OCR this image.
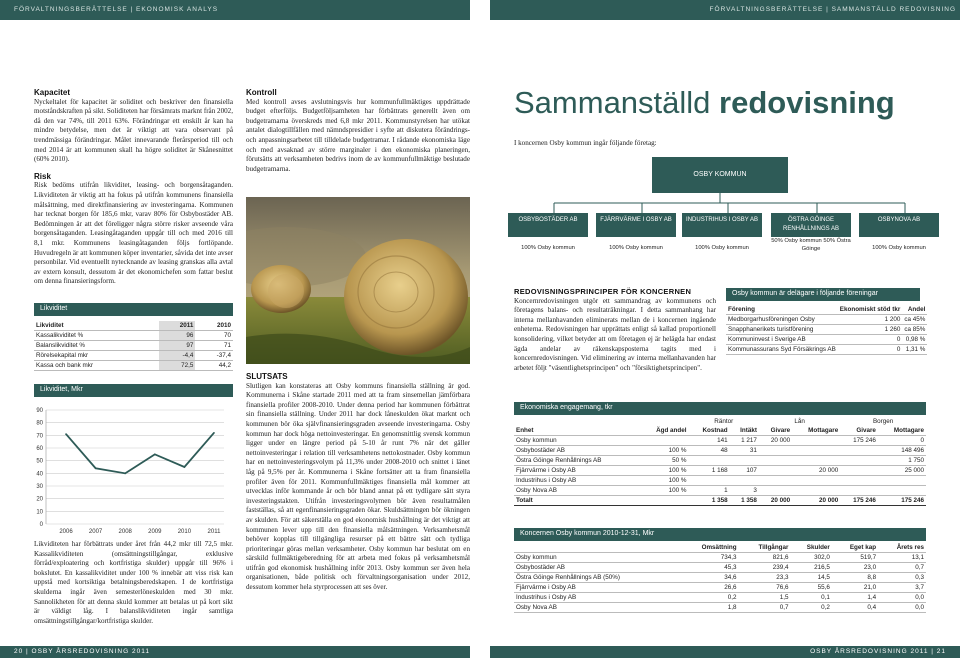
FÖRVALTNINGSBERÄTTELSE | EKONOMISK ANALYS	FÖRVALTNINGSBERÄTTELSE | SAMMANSTÄLLD REDOVISNING
Kapacitet

Nyckeltalet för kapacitet är soliditet och beskriver den finansiella motståndskraften på sikt. Soliditeten har försämrats marknt från 2002, då den var 74%, till 2011 63%. Förändringar ett enskilt år kan ha mindre betydelse, men det är viktigt att vara observant på trendmässiga förändringar. Målet innevarande flerårsperiod till och med 2014 är att kommunen skall ha högre soliditet är Skånesnittet (60% 2010).

Risk

Risk bedöms utifrån likviditet, leasing- och borgensåtaganden. Likviditeten är viktig att ha fokus på utifrån kommunens finansiella målsättning, med direktfinansiering av investeringarna. Kommunen har tecknat borgen för 185,6 mkr, varav 80% för Osbybostäder AB. Bedömningen är att det föreligger några större risker avseende våra borgensåtaganden. Leasingåtaganden uppgår till och med 2016 till 8,1 mkr. Kommunens leasingåtaganden följs fortlöpande. Huvudregeln är att kommunen köper inventarier, såvida det inte avser personbilar. Vid eventuellt nytecknande av leasing granskas alla avtal av extern konsult, dessutom är det ekonomichefen som fattar beslut om denna finansieringsform.

Likviditet
Likviditet	2011	2010
Kassalikviditet %	96	70
Balanslikviditet %	97	71
Rörelsekapital mkr	-4,4	-37,4
Kassa och bank mkr	72,5	44,2
Likviditet, Mkr
0
10
20
30
40
50
60
70
80
90
2006	2007	2008	2009	2010	2011
Likviditeten har förbättrats under året från 44,2 mkr till 72,5 mkr. Kassalikviditeten (omsättningstillgångar, exklusive förråd/exploatering och kortfristiga skulder) uppgår till 96% i bokslutet. En kassalikviditet under 100 % innebär att viss risk kan uppstå med kortsiktiga betalningsberedskapen. I de kortfristiga skulderna ingår även semesterlöneskulden med 30 mkr. Sannolikheten för att denna skuld kommer att betalas ut på kort sikt är väldigt låg. I balanslikviditeten ingår samtliga omsättningstillgångar/kortfristiga skulder.
Kontroll

Med kontroll avses avslutningsvis hur kommunfullmäktiges uppdrättade budget efterföljs. Budgetföljsamheten har förbättrats generellt även om budgetramarna överskreds med 6,8 mkr 2011. Kommunstyrelsen har utökat antalet dialogtillfällen med nämndspresidier i syfte att diskutera förändrings- och anpassningsarbetet till tilldelade budgetramar. I rådande ekonomiska läge och med avsaknad av större marginaler i den ekonomiska planeringen, förutsätts att verksamheten bedrivs inom de av kommunfullmäktige beslutade budgetramarna.

SLUTSATS

Slutligen kan konstateras att Osby kommuns finansiella ställning är god. Kommunerna i Skåne startade 2011 med att ta fram sinsemellan jämförbara finansiella profiler 2008-2010. Under denna period har kommunen förbättrat sin finansiella ställning. Under 2011 har dock låneskulden ökat marknt och kommunen bör öka självfinansieringsgraden avseende investeringarna. Osby kommun har dock höga nettoinvesteringar. En genomsnittlig svensk kommun ligger under en längre period på 5-10 år runt 7% när det gäller nettoinvesteringar i relation till verksamhetens nettokostnader. Osby kommun har en nettoinvesteringsvolym på 11,3% under 2008-2010 och snittet i länet låg på 9,5% per år. Kommunerna i Skåne fortsätter att ta fram finansiella profiler även för 2011. Kommunfullmäktiges finansiella mål kommer att utvecklas inför kommande år och bör bland annat på ett tydligare sätt styra investeringstakten. Utifrån investeringsvolymen bör även resultatmålen fastställas, så att egenfinansieringsgraden ökar. Skuldsättningen bör ökningen av skulden. För att säkerställa en god ekonomisk hushållning är det viktigt att kommunen lever upp till den finansiella målsättningen. Verksamhetsmål behöver kopplas till tillgängliga resurser på ett bättre sätt och tydliga prioriteringar göras mellan verksamheter. Osby kommun har beslutat om en särskild fullmäktigeberedning för att arbeta med fokus på verksamhetsmål utifrån god ekonomisk hushållning inför 2013. Osby kommun ser även hela organisationen, både politisk och förvaltningsorganisation under 2012, dessutom kommer hela styrprocessen att ses över.

Sammanställd redovisning
I koncernen Osby kommun ingår följande företag:
OSBY KOMMUN
OSBYBOSTÄDER AB
100% Osby kommun
FJÄRRVÄRME I OSBY AB
100% Osby kommun
INDUSTRIHUS I OSBY AB
100% Osby kommun
ÖSTRA GÖINGE RENHÅLLNINGS AB
50% Osby kommun 50% Östra Göinge
OSBYNOVA AB
100% Osby kommun
REDOVISNINGSPRINCIPER FÖR KONCERNEN

Koncernredovisningen utgör ett sammandrag av kommunens och företagens balans- och resultaträkningar. I detta sammanhang har interna mellanhavanden eliminerats mellan de i koncernen ingående enheterna. Redovisningen har upprättats enligt så kallad proportionell konsolidering, vilket betyder att om företagen ej är helägda har endast ägda andelar av räkenskapsposterna tagits med i koncernredovisningen. Vid eliminering av interna mellanhavanden har arbetet följt "väsentlighetsprincipen" och "försiktighetsprincipen".

Osby kommun är delägare i följande föreningar
Förening	Ekonomiskt stöd tkr	Andel
Medborgarhusföreningen Osby	1 200	ca 45%
Snapphanerikets turistförening	1 260	ca 85%
Kommuninvest i Sverige AB	0	0,98 %
Kommunassurans Syd Försäkrings AB	0	1,31 %
Ekonomiska engagemang, tkr
		Räntor		Lån		Borgen	
Enhet	Ägd andel	Kostnad	Intäkt	Givare	Mottagare	Givare	Mottagare
Osby kommun		141	1 217	20 000		175 246	0
Osbybostäder AB	100 %	48	31				148 496
Östra Göinge Renhållnings AB	50 %						1 750
Fjärrvärme i Osby AB	100 %	1 168	107		20 000		25 000
Industrihus i Osby AB	100 %						
Osby Nova AB	100 %	1	3				
Totalt		1 358	1 358	20 000	20 000	175 246	175 246
Koncernen Osby kommun 2010-12-31, Mkr
	Omsättning	Tillgångar	Skulder	Eget kap	Årets res
Osby kommun	734,3	821,6	302,0	519,7	13,1
Osbybostäder AB	45,3	239,4	216,5	23,0	0,7
Östra Göinge Renhållnings AB (50%)	34,6	23,3	14,5	8,8	0,3
Fjärrvärme i Osby AB	26,6	76,6	55,6	21,0	3,7
Industrihus i Osby AB	0,2	1,5	0,1	1,4	0,0
Osby Nova AB	1,8	0,7	0,2	0,4	0,0
20 | OSBY ÅRSREDOVISNING 2011	OSBY ÅRSREDOVISNING 2011 | 21
